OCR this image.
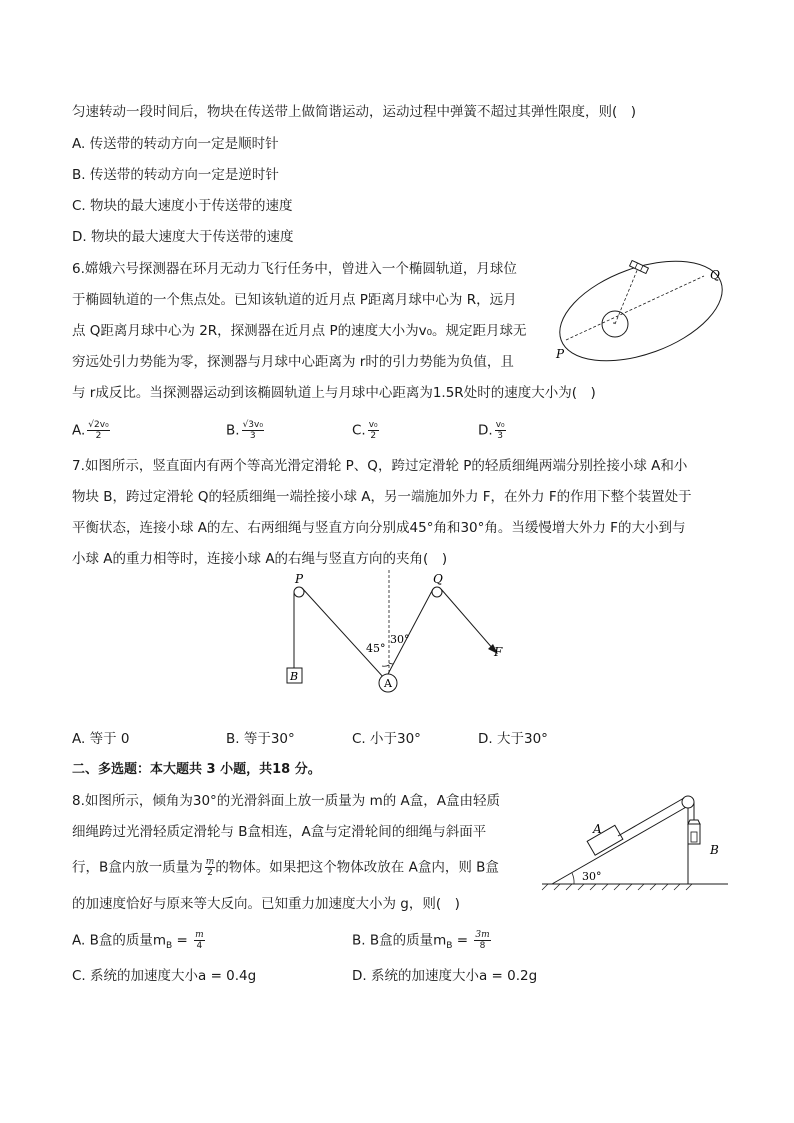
匀速转动一段时间后，物块在传送带上做简谐运动，运动过程中弹簧不超过其弹性限度，则(　)
A. 传送带的转动方向一定是顺时针
B. 传送带的转动方向一定是逆时针
C. 物块的最大速度小于传送带的速度
D. 物块的最大速度大于传送带的速度
6.嫦娥六号探测器在环月无动力飞行任务中，曾进入一个椭圆轨道，月球位
于椭圆轨道的一个焦点处。已知该轨道的近月点 P距离月球中心为 R，远月
点 Q距离月球中心为 2R，探测器在近月点 P的速度大小为v₀。规定距月球无
穷远处引力势能为零，探测器与月球中心距离为 r时的引力势能为负值，且
与 r成反比。当探测器运动到该椭圆轨道上与月球中心距离为1.5R处时的速度大小为(　)
A. $\frac{\text{√2v₀}}{2}$	B. $\frac{\text{√3v₀}}{3}$	C. $\frac{\text{v₀}}{2}$	D. $\frac{\text{v₀}}{3}$
Q
P
7.如图所示，竖直面内有两个等高光滑定滑轮 P、Q，跨过定滑轮 P的轻质细绳两端分别拴接小球 A和小
物块 B，跨过定滑轮 Q的轻质细绳一端拴接小球 A，另一端施加外力 F，在外力 F的作用下整个装置处于
平衡状态，连接小球 A的左、右两细绳与竖直方向分别成45°角和30°角。当缓慢增大外力 F的大小到与
小球 A的重力相等时，连接小球 A的右绳与竖直方向的夹角(　)
P	Q
B
A
F
45°
30°
A. 等于 0	B. 等于30°	C. 小于30°	D. 大于30°
二、多选题：本大题共 3 小题，共18 分。
8.如图所示，倾角为30°的光滑斜面上放一质量为 m的 A盒，A盒由轻质
细绳跨过光滑轻质定滑轮与 B盒相连，A盒与定滑轮间的细绳与斜面平
行，B盒内放一质量为 $\frac{m}{2}$ 的物体。如果把这个物体改放在 A盒内，则 B盒
的加速度恰好与原来等大反向。已知重力加速度大小为 g，则(　)
A
B
30°
A. B盒的质量$m_B = \frac{m}{4}$	B. B盒的质量$m_B = \frac{3m}{8}$
C. 系统的加速度大小a = 0.4g	D. 系统的加速度大小a = 0.2g
